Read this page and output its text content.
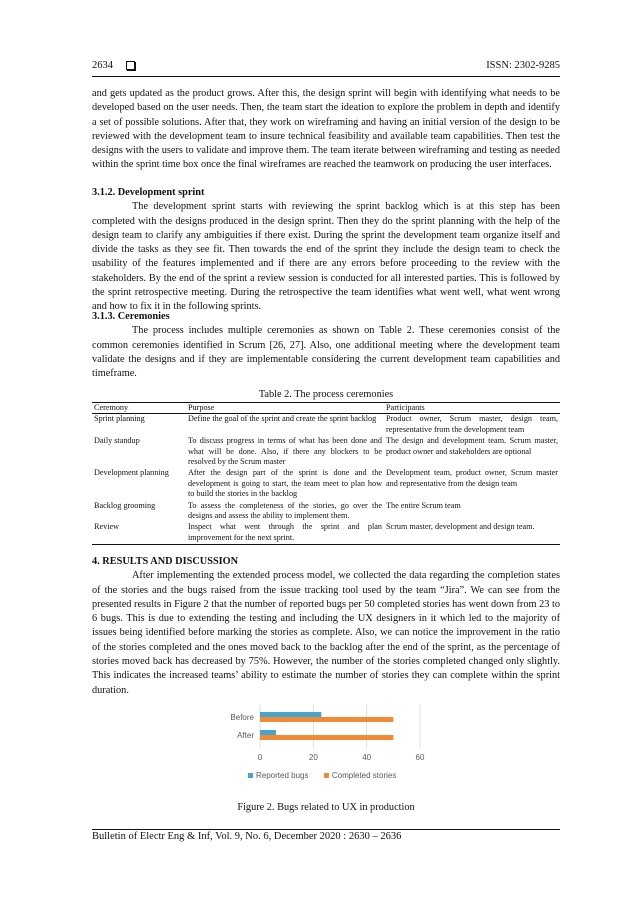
2634	ISSN: 2302-9285

and gets updated as the product grows. After this, the design sprint will begin with identifying what needs to be developed based on the user needs. Then, the team start the ideation to explore the problem in depth and identify a set of possible solutions. After that, they work on wireframing and having an initial version of the design to be reviewed with the development team to insure technical feasibility and available team capabilities. Then test the designs with the users to validate and improve them. The team iterate between wireframing and testing as needed within the sprint time box once the final wireframes are reached the teamwork on producing the user interfaces.

3.1.2. Development sprint

The development sprint starts with reviewing the sprint backlog which is at this step has been completed with the designs produced in the design sprint. Then they do the sprint planning with the help of the design team to clarify any ambiguities if there exist. During the sprint the development team organize itself and divide the tasks as they see fit. Then towards the end of the sprint they include the design team to check the usability of the features implemented and if there are any errors before proceeding to the review with the stakeholders. By the end of the sprint a review session is conducted for all interested parties. This is followed by the sprint retrospective meeting. During the retrospective the team identifies what went well, what went wrong and how to fix it in the following sprints.

3.1.3. Ceremonies

The process includes multiple ceremonies as shown on Table 2. These ceremonies consist of the common ceremonies identified in Scrum [26, 27]. Also, one additional meeting where the development team validate the designs and if they are implementable considering the current development team capabilities and timeframe.

Table 2. The process ceremonies
Ceremony	Purpose	Participants
Sprint planning	Define the goal of the sprint and create the sprint backlog	Product owner, Scrum master, design team, representative from the development team
Daily standup	To discuss progress in terms of what has been done and what will be done. Also, if there any blockers to be resolved by the Scrum master	The design and development team. Scrum master, product owner and stakeholders are optional
Development planning	After the design part of the sprint is done and the development is going to start, the team meet to plan how to build the stories in the backlog	Development team, product owner, Scrum master and representative from the design team
Backlog grooming	To assess the completeness of the stories, go over the designs and assess the ability to implement them.	The entire Scrum team
Review	Inspect what went through the sprint and plan improvement for the next sprint.	Scrum master, development and design team.

4. RESULTS AND DISCUSSION

After implementing the extended process model, we collected the data regarding the completion states of the stories and the bugs raised from the issue tracking tool used by the team “Jira”. We can see from the presented results in Figure 2 that the number of reported bugs per 50 completed stories has went down from 23 to 6 bugs. This is due to extending the testing and including the UX designers in it which led to the majority of issues being identified before marking the stories as complete. Also, we can notice the improvement in the ratio of the stories completed and the ones moved back to the backlog after the end of the sprint, as the percentage of stories moved back has decreased by 75%. However, the number of the stories completed changed only slightly. This indicates the increased teams’ ability to estimate the number of stories they can complete within the sprint duration.

0	20	40	60
Before
After
Reported bugs	Completed stories
Figure 2. Bugs related to UX in production
Bulletin of Electr Eng & Inf, Vol. 9, No. 6, December 2020 : 2630 – 2636
